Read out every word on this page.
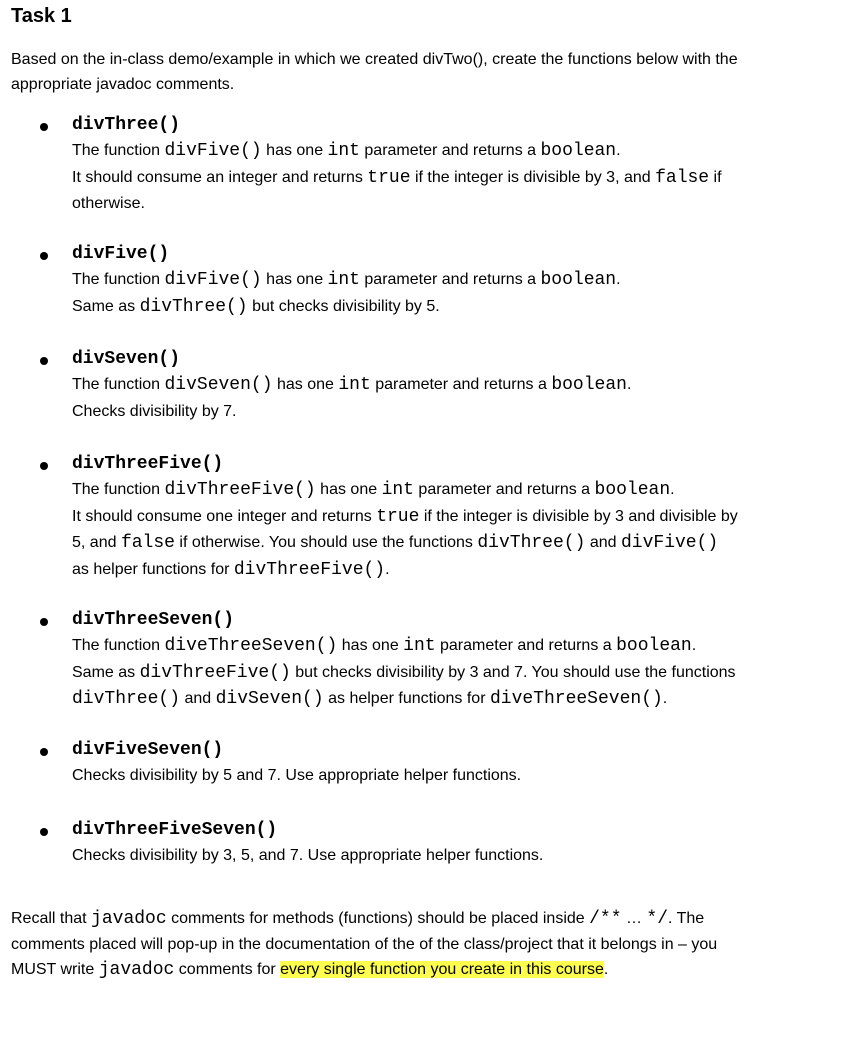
Task 1

Based on the in-class demo/example in which we created divTwo(), create the functions below with the
appropriate javadoc comments.

divThree()
The function divFive() has one int parameter and returns a boolean.
It should consume an integer and returns true if the integer is divisible by 3, and false if
otherwise.
divFive()
The function divFive() has one int parameter and returns a boolean.
Same as divThree() but checks divisibility by 5.
divSeven()
The function divSeven() has one int parameter and returns a boolean.
Checks divisibility by 7.
divThreeFive()
The function divThreeFive() has one int parameter and returns a boolean.
It should consume one integer and returns true if the integer is divisible by 3 and divisible by
5, and false if otherwise. You should use the functions divThree() and divFive()
as helper functions for divThreeFive().
divThreeSeven()
The function diveThreeSeven() has one int parameter and returns a boolean.
Same as divThreeFive() but checks divisibility by 3 and 7. You should use the functions
divThree() and divSeven() as helper functions for diveThreeSeven().
divFiveSeven()
Checks divisibility by 5 and 7. Use appropriate helper functions.
divThreeFiveSeven()
Checks divisibility by 3, 5, and 7. Use appropriate helper functions.

Recall that javadoc comments for methods (functions) should be placed inside /** … */. The
comments placed will pop-up in the documentation of the of the class/project that it belongs in – you
MUST write javadoc comments for every single function you create in this course.
